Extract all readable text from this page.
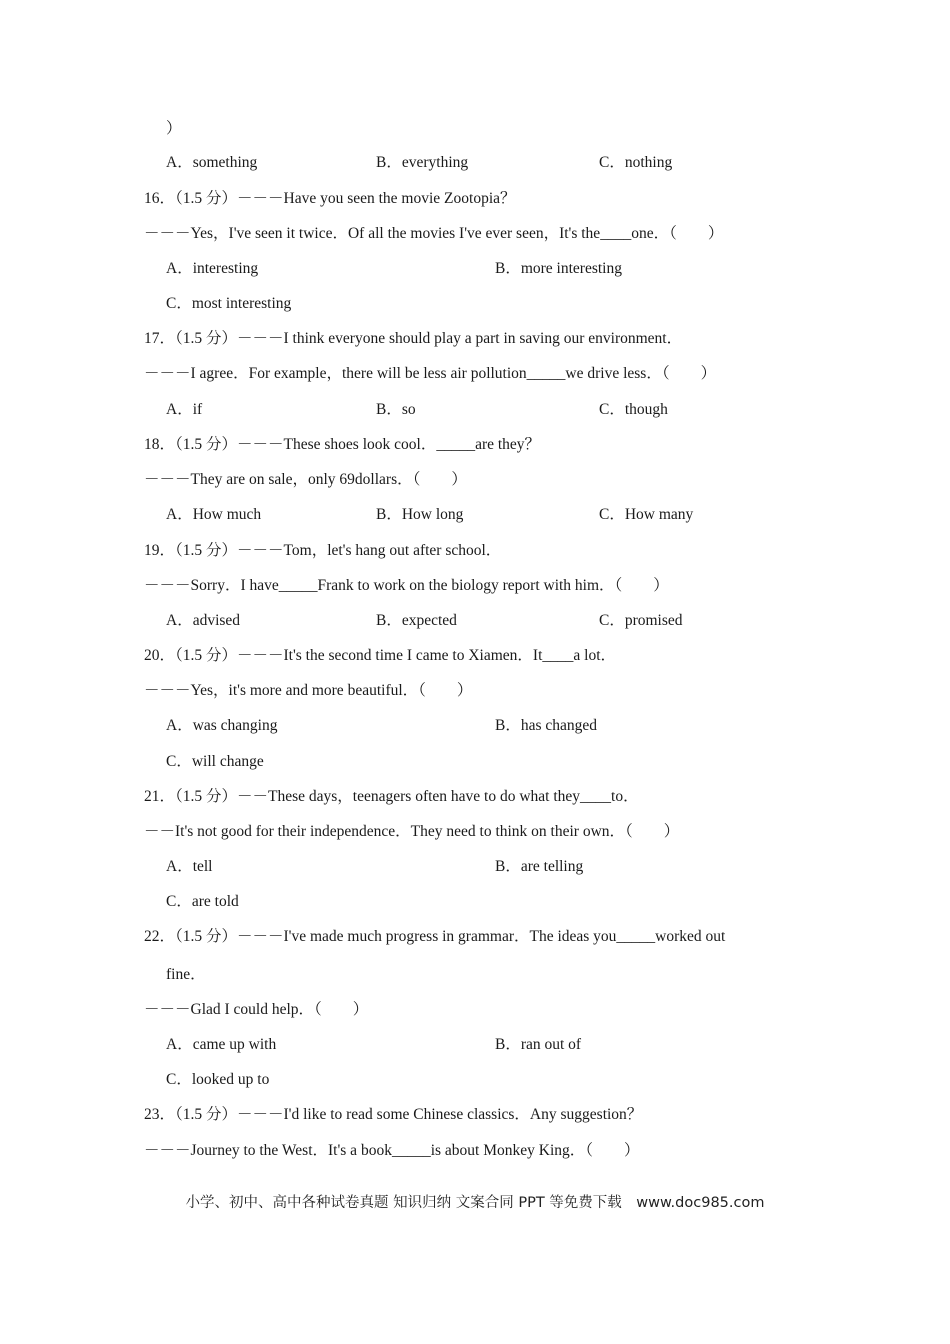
）
A．something	B．everything	C．nothing
16．（1.5 分）－－－Have you seen the movie Zootopia？
－－－Yes，I've seen it twice．Of all the movies I've ever seen，It's the____one．（　　）
A．interesting	B．more interesting
C．most interesting
17．（1.5 分）－－－I think everyone should play a part in saving our environment．
－－－I agree．For example，there will be less air pollution_____we drive less．（　　）
A．if	B．so	C．though
18．（1.5 分）－－－These shoes look cool．_____are they？
－－－They are on sale，only 69dollars．（　　）
A．How much	B．How long	C．How many
19．（1.5 分）－－－Tom，let's hang out after school．
－－－Sorry．I have_____Frank to work on the biology report with him．（　　）
A．advised	B．expected	C．promised
20．（1.5 分）－－－It's the second time I came to Xiamen．It____a lot．
－－－Yes，it's more and more beautiful．（　　）
A．was changing	B．has changed
C．will change
21．（1.5 分）－－These days，teenagers often have to do what they____to．
－－It's not good for their independence．They need to think on their own．（　　）
A．tell	B．are telling
C．are told
22．（1.5 分）－－－I've made much progress in grammar．The ideas you_____worked out
fine．
－－－Glad I could help．（　　）
A．came up with	B．ran out of
C．looked up to
23．（1.5 分）－－－I'd like to read some Chinese classics．Any suggestion？
－－－Journey to the West．It's a book_____is about Monkey King．（　　）
小学、初中、高中各种试卷真题 知识归纳 文案合同 PPT 等免费下载　www.doc985.com
